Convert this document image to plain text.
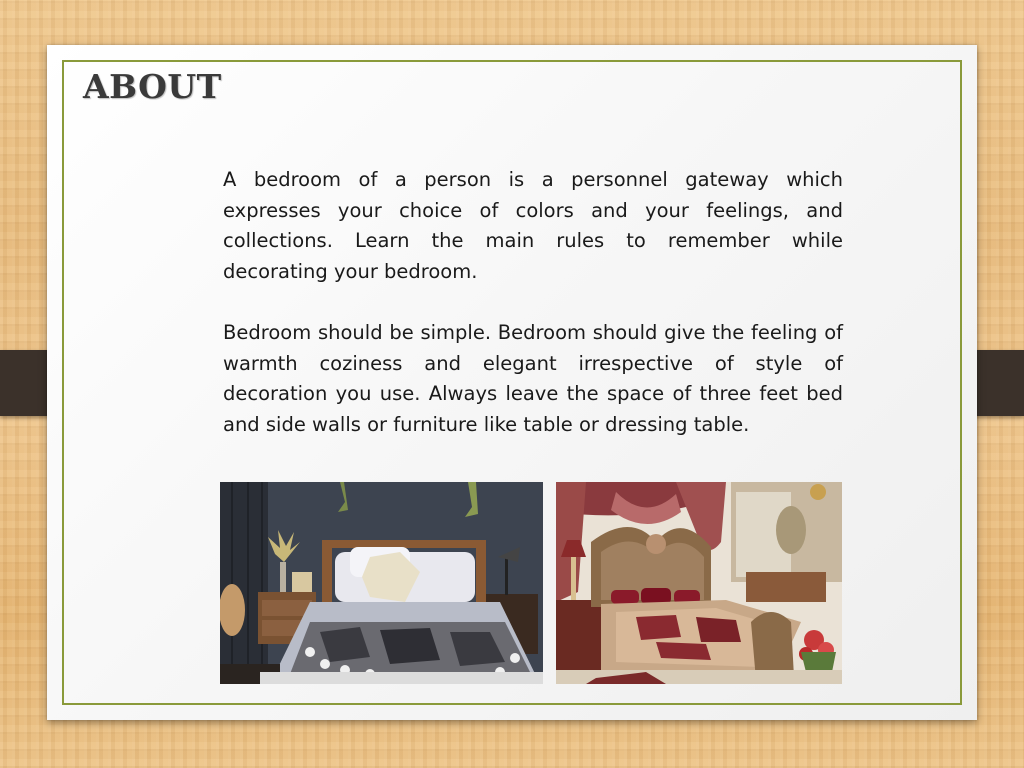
ABOUT

A bedroom of a person is a personnel gateway which expresses your choice of colors and your feelings, and collections. Learn the main rules to remember while decorating your bedroom.

Bedroom should be simple. Bedroom should give the feeling of warmth coziness and elegant irrespective of style of decoration you use. Always leave the space of three feet bed and side walls or furniture like table or dressing table.
